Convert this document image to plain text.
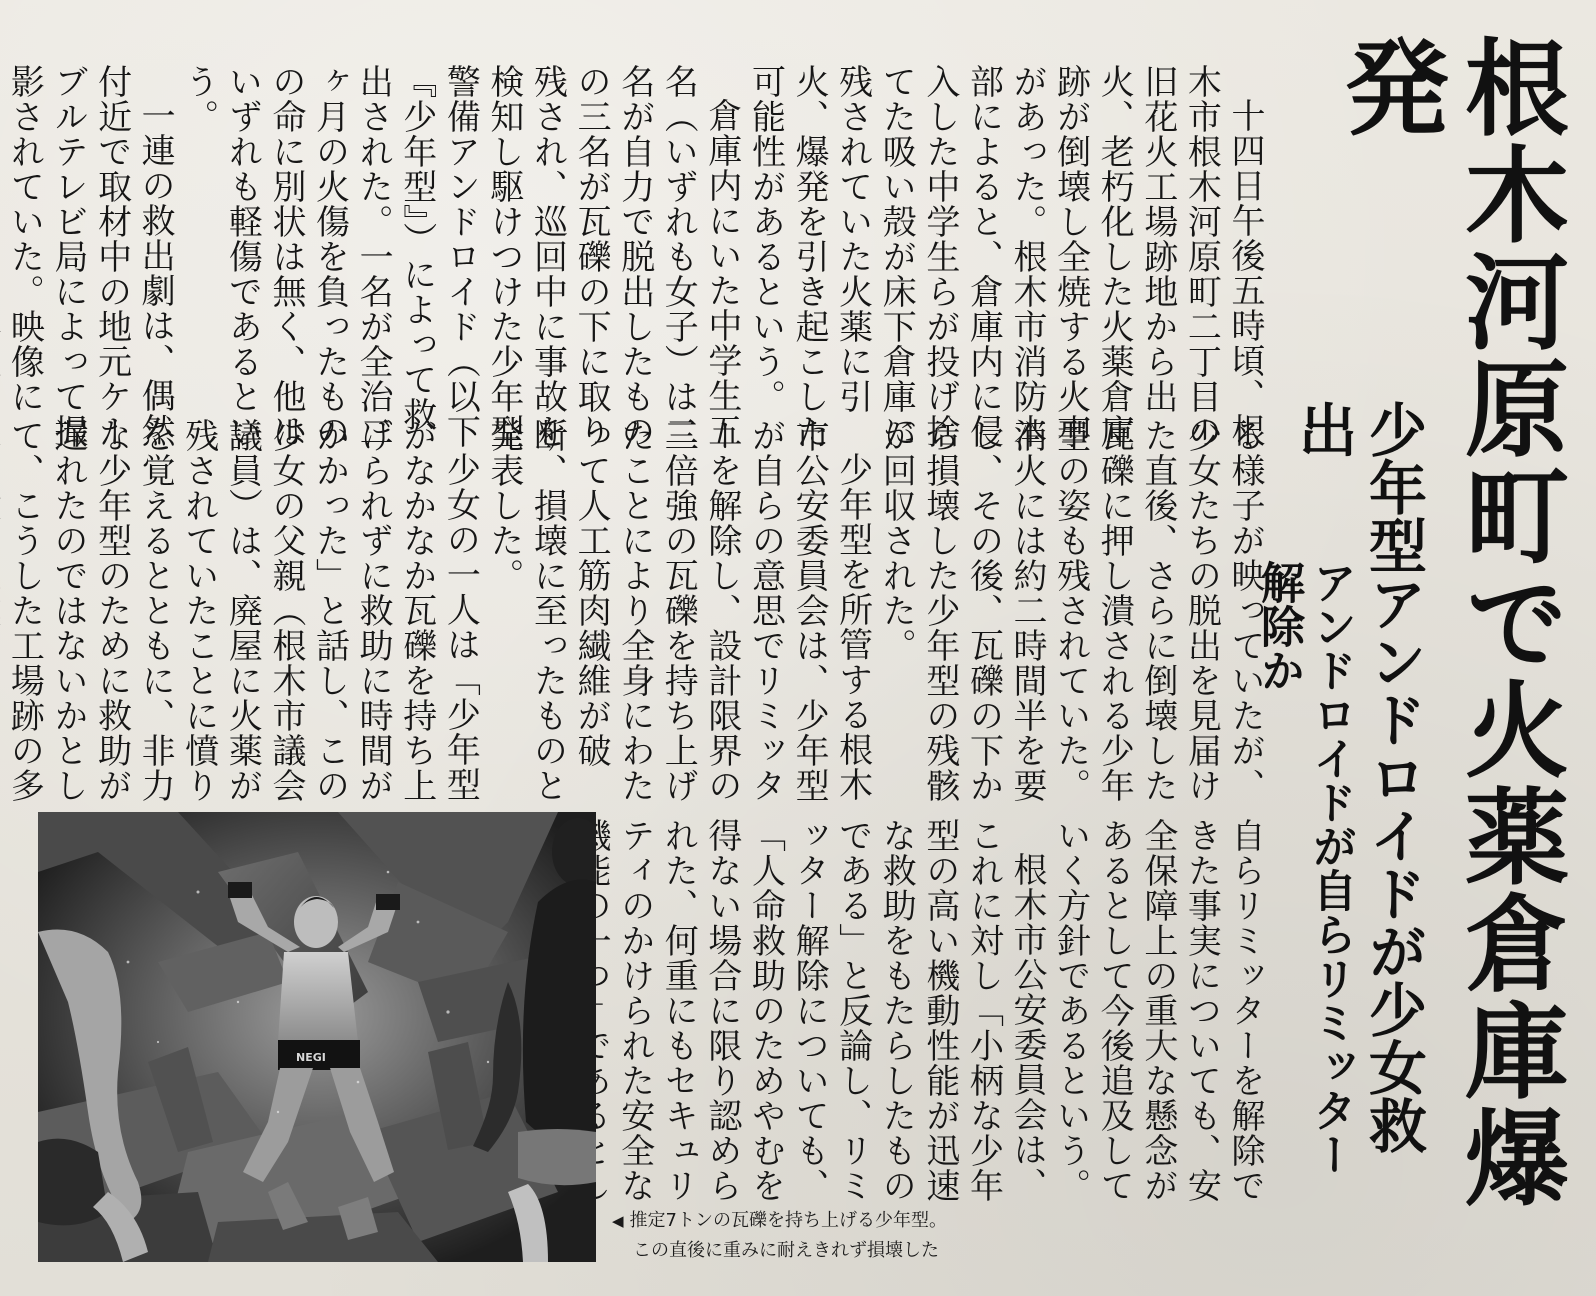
根木河原町で火薬倉庫爆発
少年型アンドロイドが少女救出
アンドロイドが自らリミッター解除か

十四日午後五時頃、根木市根木河原町二丁目の旧花火工場跡地から出火、老朽化した火薬倉庫跡が倒壊し全焼する火事があった。根木市消防本部によると、倉庫内に侵入した中学生らが投げ捨てた吸い殻が床下倉庫に残されていた火薬に引火、爆発を引き起こした可能性があるという。

倉庫内にいた中学生五名（いずれも女子）は二名が自力で脱出したものの三名が瓦礫の下に取り残され、巡回中に事故を検知し駆けつけた少年型警備アンドロイド（以下『少年型』）によって救出された。一名が全治二ヶ月の火傷を負ったものの命に別状は無く、他はいずれも軽傷であるという。

一連の救出劇は、偶然付近で取材中の地元ケーブルテレビ局によって撮影されていた。映像に

る様子が映っていたが、少女たちの脱出を見届けた直後、さらに倒壊した瓦礫に押し潰される少年型の姿も残されていた。消火には約二時間半を要し、その後、瓦礫の下から損壊した少年型の残骸が回収された。

少年型を所管する根木市公安委員会は、少年型が自らの意思でリミッターを解除し、設計限界の三倍強の瓦礫を持ち上げたことにより全身にわたって人工筋肉繊維が破断、損壊に至ったものと発表した。

少女の一人は「少年型がなかなか瓦礫を持ち上げられずに救助に時間がかかった」と話し、この少女の父親（根木市議会議員）は、廃屋に火薬が残されていたことに憤りを覚えるとともに、非力な少年型のために救助が遅れたのではないかとして、こうした工場跡の多

自らリミッターを解除できた事実についても、安全保障上の重大な懸念があるとして今後追及していく方針であるという。

根木市公安委員会は、これに対し「小柄な少年型の高い機動性能が迅速な救助をもたらしたものである」と反論し、リミッター解除についても、「人命救助のためやむを得ない場合に限り認められた、何重にもセキュリティのかけられた安全な

NEGI
◀ 推定7トンの瓦礫を持ち上げる少年型。
この直後に重みに耐えきれず損壊した
